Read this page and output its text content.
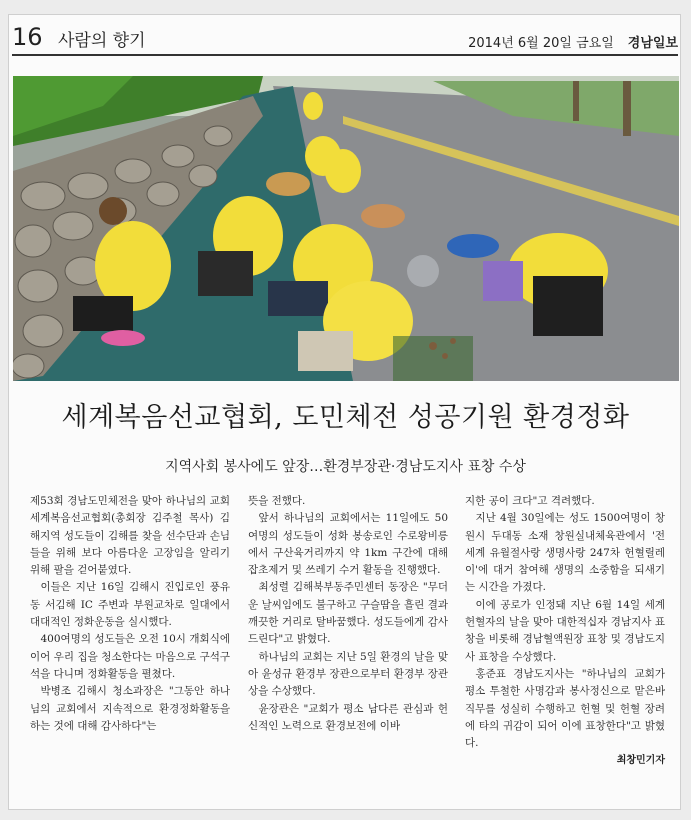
16 사람의 향기	2014년 6월 20일 금요일 경남일보
세계복음선교협회, 도민체전 성공기원 환경정화
지역사회 봉사에도 앞장…환경부장관·경남도지사 표창 수상

제53회 경남도민체전을 맞아 하나님의 교회 세계복음선교협회(총회장 김주철 목사) 김해지역 성도들이 김해를 찾을 선수단과 손님들을 위해 보다 아름다운 고장임을 알리기 위해 팔을 걷어붙였다.

이들은 지난 16일 김해시 진입로인 풍유동 서김해 IC 주변과 부원교차로 일대에서 대대적인 정화운동을 실시했다.

400여명의 성도들은 오전 10시 개회식에 이어 우리 집을 청소한다는 마음으로 구석구석을 다니며 정화활동을 펼쳤다.

박병조 김해시 청소과장은 "그동안 하나님의 교회에서 지속적으로 환경정화활동을 하는 것에 대해 감사하다"는

뜻을 전했다.

앞서 하나님의 교회에서는 11일에도 50여명의 성도들이 성화 봉송로인 수로왕비릉에서 구산육거리까지 약 1km 구간에 대해 잡초제거 및 쓰레기 수거 활동을 진행했다.

최성렬 김해북부동주민센터 동장은 "무더운 날씨임에도 불구하고 구슬땀을 흘린 결과 깨끗한 거리로 탈바꿈했다. 성도들에게 감사드린다"고 밝혔다.

하나님의 교회는 지난 5일 환경의 날을 맞아 윤성규 환경부 장관으로부터 환경부 장관상을 수상했다.

윤장관은 "교회가 평소 남다른 관심과 헌신적인 노력으로 환경보전에 이바

지한 공이 크다"고 격려했다.

지난 4월 30일에는 성도 1500여명이 창원시 두대동 소재 창원실내체육관에서 '전 세계 유월절사랑 생명사랑 247차 헌혈릴레이'에 대거 참여해 생명의 소중함을 되새기는 시간을 가졌다.

이에 공로가 인정돼 지난 6월 14일 세계 헌혈자의 날을 맞아 대한적십자 경남지사 표창을 비롯해 경남혈액원장 표창 및 경남도지사 표창을 수상했다.

홍준표 경남도지사는 "하나님의 교회가 평소 투철한 사명감과 봉사정신으로 맡은바 직무를 성실히 수행하고 헌혈 및 헌혈 장려에 타의 귀감이 되어 이에 표창한다"고 밝혔다.

최창민기자
